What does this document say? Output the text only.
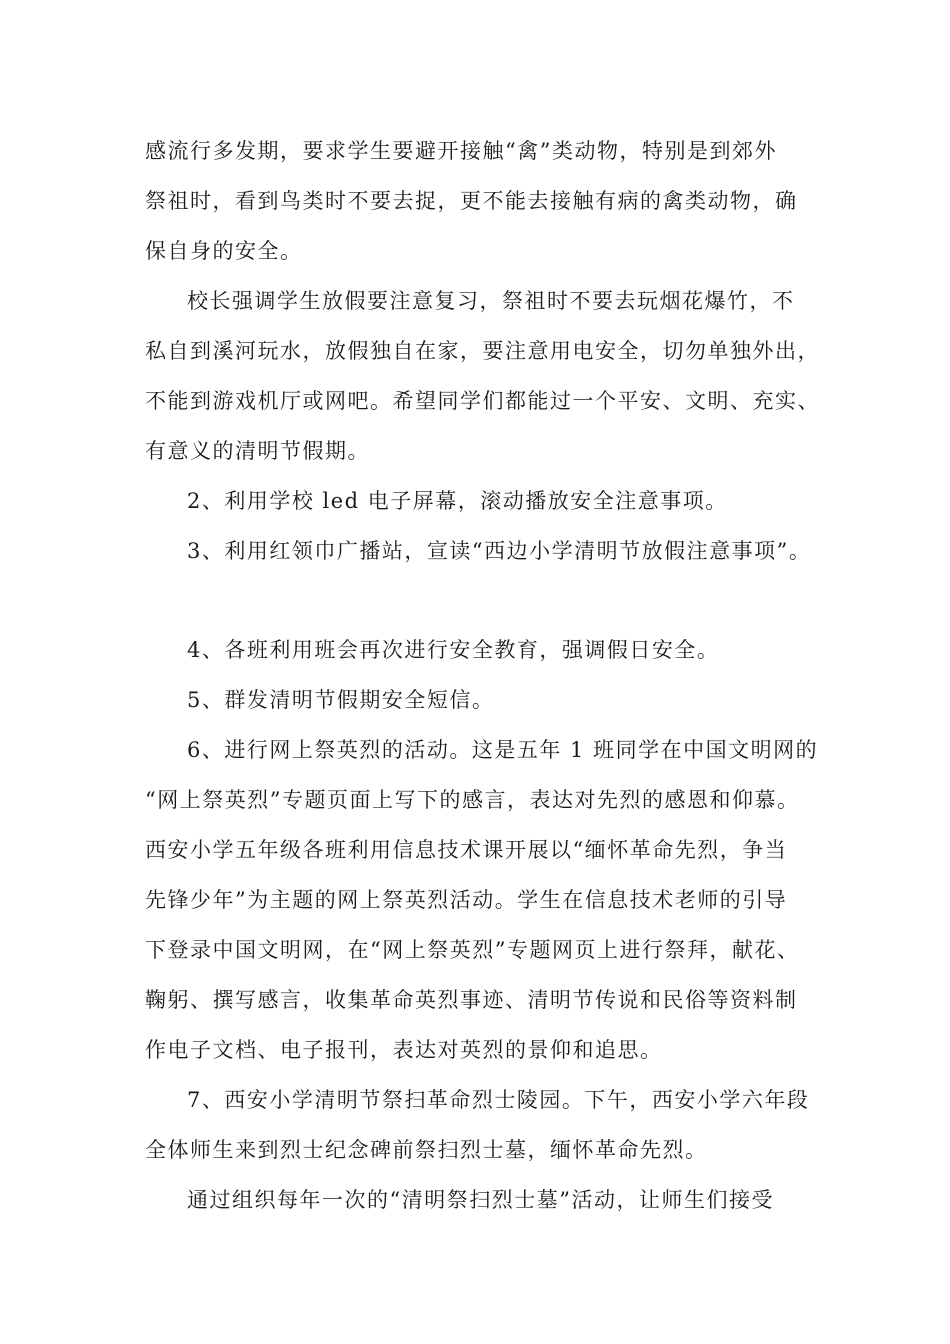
感流行多发期，要求学生要避开接触“禽”类动物，特别是到郊外
祭祖时，看到鸟类时不要去捉，更不能去接触有病的禽类动物，确
保自身的安全。
校长强调学生放假要注意复习，祭祖时不要去玩烟花爆竹，不
私自到溪河玩水，放假独自在家，要注意用电安全，切勿单独外出，
不能到游戏机厅或网吧。希望同学们都能过一个平安、文明、充实、
有意义的清明节假期。
2、利用学校 led 电子屏幕，滚动播放安全注意事项。
3、利用红领巾广播站，宣读“西边小学清明节放假注意事项”。
4、各班利用班会再次进行安全教育，强调假日安全。
5、群发清明节假期安全短信。
6、进行网上祭英烈的活动。这是五年 1 班同学在中国文明网的
“网上祭英烈”专题页面上写下的感言，表达对先烈的感恩和仰慕。
西安小学五年级各班利用信息技术课开展以“缅怀革命先烈，争当
先锋少年”为主题的网上祭英烈活动。学生在信息技术老师的引导
下登录中国文明网，在“网上祭英烈”专题网页上进行祭拜，献花、
鞠躬、撰写感言，收集革命英烈事迹、清明节传说和民俗等资料制
作电子文档、电子报刊，表达对英烈的景仰和追思。
7、西安小学清明节祭扫革命烈士陵园。下午，西安小学六年段
全体师生来到烈士纪念碑前祭扫烈士墓，缅怀革命先烈。
通过组织每年一次的“清明祭扫烈士墓”活动，让师生们接受
